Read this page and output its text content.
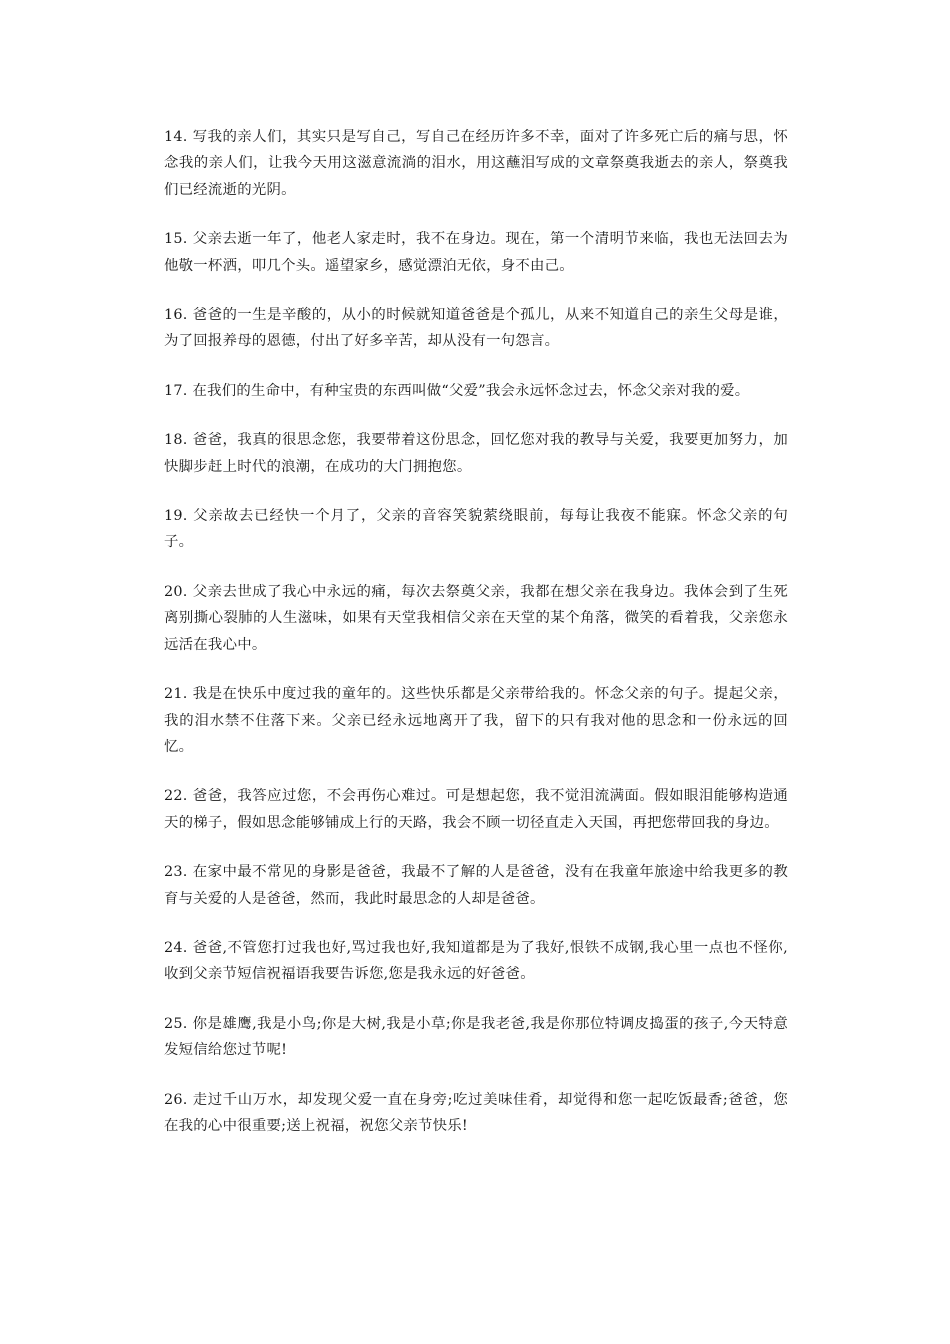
14. 写我的亲人们，其实只是写自己，写自己在经历许多不幸，面对了许多死亡后的痛与思，怀念我的亲人们，让我今天用这滋意流淌的泪水，用这蘸泪写成的文章祭奠我逝去的亲人，祭奠我们已经流逝的光阴。

15. 父亲去逝一年了，他老人家走时，我不在身边。现在，第一个清明节来临，我也无法回去为他敬一杯洒，叩几个头。遥望家乡，感觉漂泊无依，身不由己。

16. 爸爸的一生是辛酸的，从小的时候就知道爸爸是个孤儿，从来不知道自己的亲生父母是谁，为了回报养母的恩德，付出了好多辛苦，却从没有一句怨言。

17. 在我们的生命中，有种宝贵的东西叫做“父爱”我会永远怀念过去，怀念父亲对我的爱。

18. 爸爸，我真的很思念您，我要带着这份思念，回忆您对我的教导与关爱，我要更加努力，加快脚步赶上时代的浪潮，在成功的大门拥抱您。

19. 父亲故去已经快一个月了，父亲的音容笑貌萦绕眼前，每每让我夜不能寐。怀念父亲的句子。

20. 父亲去世成了我心中永远的痛，每次去祭奠父亲，我都在想父亲在我身边。我体会到了生死离别撕心裂肺的人生滋味，如果有天堂我相信父亲在天堂的某个角落，微笑的看着我，父亲您永远活在我心中。

21. 我是在快乐中度过我的童年的。这些快乐都是父亲带给我的。怀念父亲的句子。提起父亲，我的泪水禁不住落下来。父亲已经永远地离开了我，留下的只有我对他的思念和一份永远的回忆。

22. 爸爸，我答应过您，不会再伤心难过。可是想起您，我不觉泪流满面。假如眼泪能够构造通天的梯子，假如思念能够铺成上行的天路，我会不顾一切径直走入天国，再把您带回我的身边。

23. 在家中最不常见的身影是爸爸，我最不了解的人是爸爸，没有在我童年旅途中给我更多的教育与关爱的人是爸爸，然而，我此时最思念的人却是爸爸。

24. 爸爸,不管您打过我也好,骂过我也好,我知道都是为了我好,恨铁不成钢,我心里一点也不怪你,收到父亲节短信祝福语我要告诉您,您是我永远的好爸爸。

25. 你是雄鹰,我是小鸟;你是大树,我是小草;你是我老爸,我是你那位特调皮捣蛋的孩子,今天特意发短信给您过节呢!

26. 走过千山万水，却发现父爱一直在身旁;吃过美味佳肴，却觉得和您一起吃饭最香;爸爸，您在我的心中很重要;送上祝福，祝您父亲节快乐!
